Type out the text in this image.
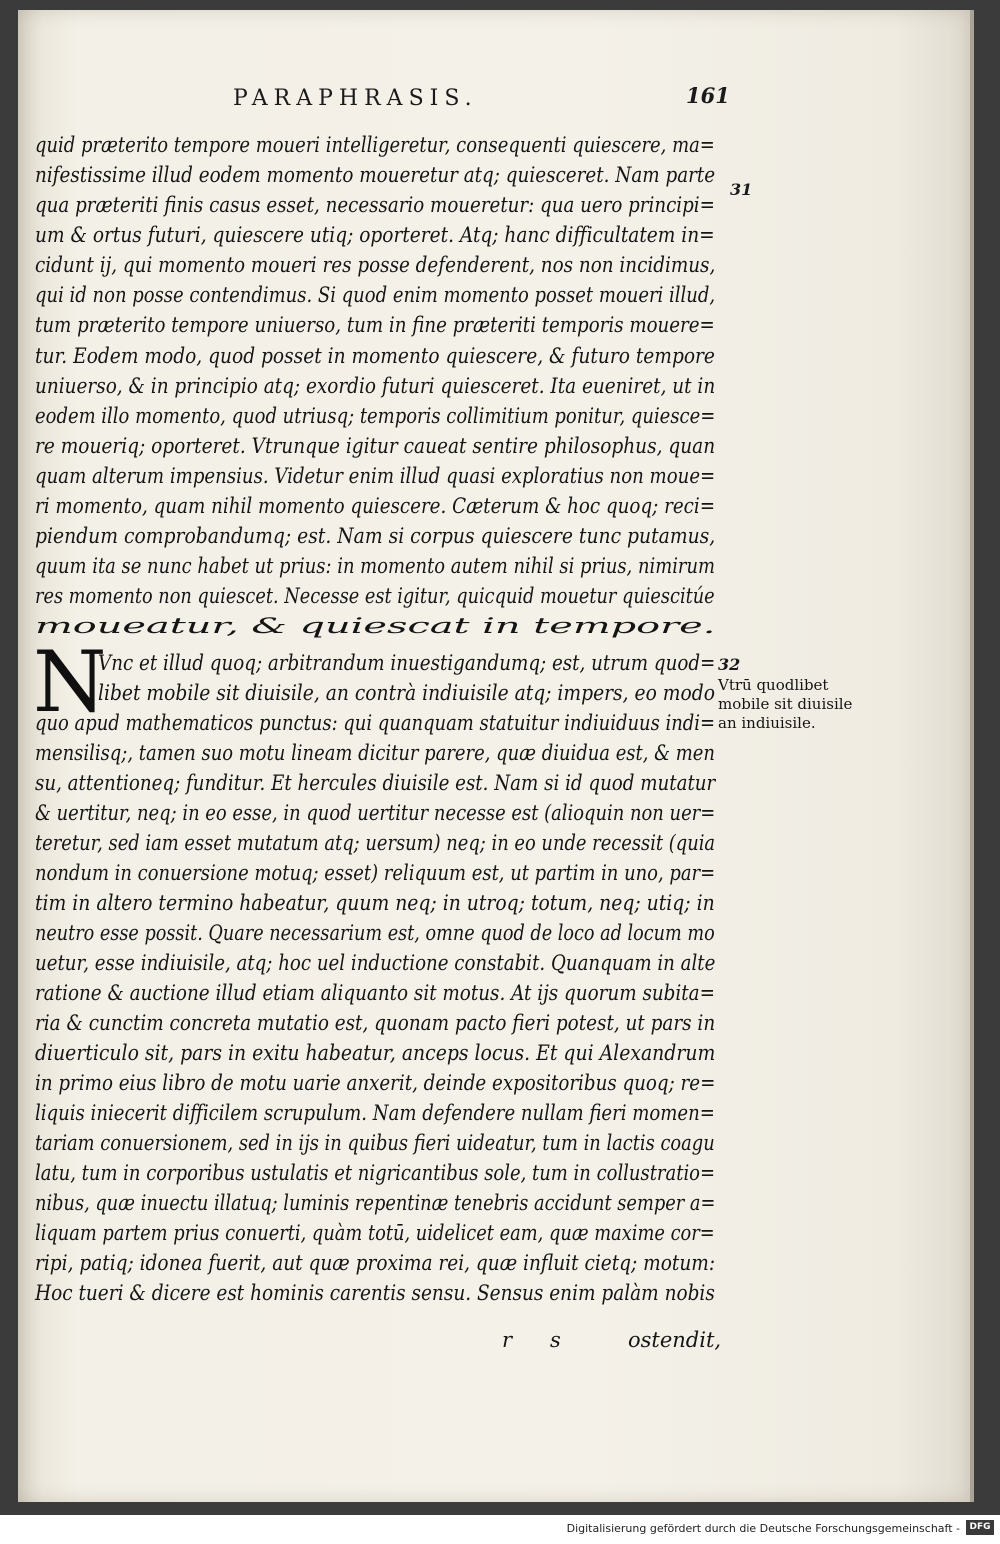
PARAPHRASIS.	161
quid præterito tempore moueri intelligeretur, consequenti quiescere, ma=
nifestissime illud eodem momento moueretur atq; quiesceret. Nam parte
qua præteriti finis casus esset, necessario moueretur: qua uero principi=
um & ortus futuri, quiescere utiq; oporteret. Atq; hanc difficultatem in=
cidunt ij, qui momento moueri res posse defenderent, nos non incidimus,
qui id non posse contendimus. Si quod enim momento posset moueri illud,
tum præterito tempore uniuerso, tum in fine præteriti temporis mouere=
tur. Eodem modo, quod posset in momento quiescere, & futuro tempore
uniuerso, & in principio atq; exordio futuri quiesceret. Ita eueniret, ut in
eodem illo momento, quod utriusq; temporis collimitium ponitur, quiesce=
re moueriq; oporteret. Vtrunque igitur caueat sentire philosophus, quan
quam alterum impensius. Videtur enim illud quasi exploratius non moue=
ri momento, quam nihil momento quiescere. Cæterum & hoc quoq; reci=
piendum comprobandumq; est. Nam si corpus quiescere tunc putamus,
quum ita se nunc habet ut prius: in momento autem nihil si prius, nimirum
res momento non quiescet. Necesse est igitur, quicquid mouetur quiescitúe
moueatur, & quiescat in tempore.
N
Vnc et illud quoq; arbitrandum inuestigandumq; est, utrum quod=
libet mobile sit diuisile, an contrà indiuisile atq; impers, eo modo
quo apud mathematicos punctus: qui quanquam statuitur indiuiduus indi=
mensilisq;, tamen suo motu lineam dicitur parere, quæ diuidua est, & men
su, attentioneq; funditur. Et hercules diuisile est. Nam si id quod mutatur
& uertitur, neq; in eo esse, in quod uertitur necesse est (alioquin non uer=
teretur, sed iam esset mutatum atq; uersum) neq; in eo unde recessit (quia
nondum in conuersione motuq; esset) reliquum est, ut partim in uno, par=
tim in altero termino habeatur, quum neq; in utroq; totum, neq; utiq; in
neutro esse possit. Quare necessarium est, omne quod de loco ad locum mo
uetur, esse indiuisile, atq; hoc uel inductione constabit. Quanquam in alte
ratione & auctione illud etiam aliquanto sit motus. At ijs quorum subita=
ria & cunctim concreta mutatio est, quonam pacto fieri potest, ut pars in
diuerticulo sit, pars in exitu habeatur, anceps locus. Et qui Alexandrum
in primo eius libro de motu uarie anxerit, deinde expositoribus quoq; re=
liquis iniecerit difficilem scrupulum. Nam defendere nullam fieri momen=
tariam conuersionem, sed in ijs in quibus fieri uideatur, tum in lactis coagu
latu, tum in corporibus ustulatis et nigricantibus sole, tum in collustratio=
nibus, quæ inuectu illatuq; luminis repentinæ tenebris accidunt semper a=
liquam partem prius conuerti, quàm totū, uidelicet eam, quæ maxime cor=
ripi, patiq; idonea fuerit, aut quæ proxima rei, quæ influit cietq; motum:
Hoc tueri & dicere est hominis carentis sensu. Sensus enim palàm nobis
r s	ostendit,
31
32
Vtrū quodlibet
mobile sit diuisile
an indiuisile.
Digitalisierung gefördert durch die Deutsche Forschungsgemeinschaft -	DFG
